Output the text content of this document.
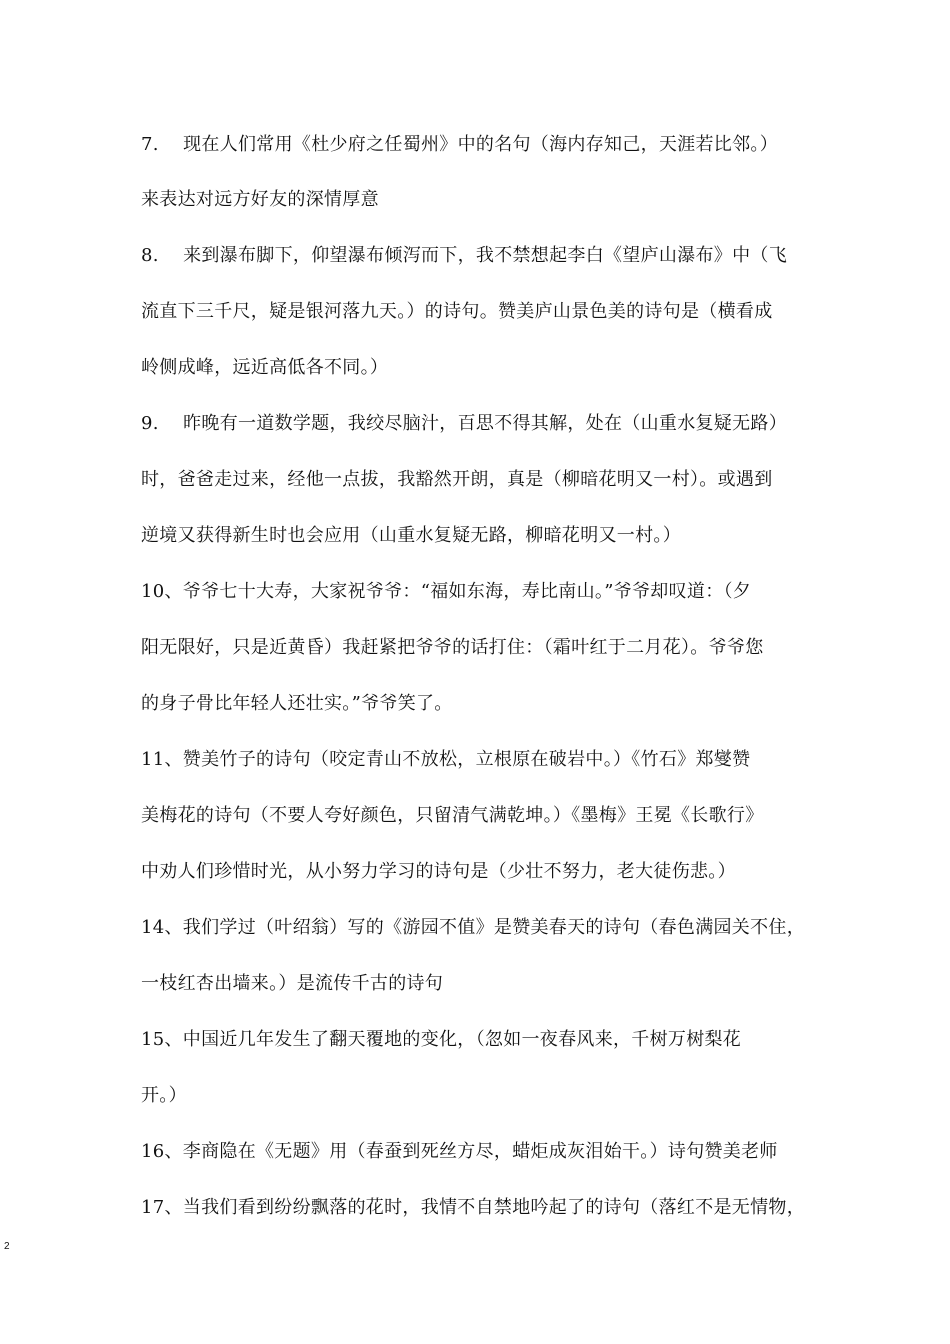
7.　 现在人们常用《杜少府之任蜀州》中的名句（海内存知己，天涯若比邻。）
来表达对远方好友的深情厚意
8.　 来到瀑布脚下，仰望瀑布倾泻而下，我不禁想起李白《望庐山瀑布》中（飞
流直下三千尺，疑是银河落九天。）的诗句。赞美庐山景色美的诗句是（横看成
岭侧成峰，远近高低各不同。）
9.　 昨晚有一道数学题，我绞尽脑汁，百思不得其解，处在（山重水复疑无路）
时，爸爸走过来，经他一点拔，我豁然开朗，真是（柳暗花明又一村）。或遇到
逆境又获得新生时也会应用（山重水复疑无路，柳暗花明又一村。）
10、爷爷七十大寿，大家祝爷爷：“福如东海，寿比南山。”爷爷却叹道：（夕
阳无限好，只是近黄昏）我赶紧把爷爷的话打住：（霜叶红于二月花）。爷爷您
的身子骨比年轻人还壮实。”爷爷笑了。
11、赞美竹子的诗句（咬定青山不放松，立根原在破岩中。）《竹石》郑燮赞
美梅花的诗句（不要人夸好颜色，只留清气满乾坤。）《墨梅》王冕《长歌行》
中劝人们珍惜时光，从小努力学习的诗句是（少壮不努力，老大徒伤悲。）
14、我们学过（叶绍翁）写的《游园不值》是赞美春天的诗句（春色满园关不住，
一枝红杏出墙来。）是流传千古的诗句
15、中国近几年发生了翻天覆地的变化，（忽如一夜春风来，千树万树梨花
开。）
16、李商隐在《无题》用（春蚕到死丝方尽，蜡炬成灰泪始干。）诗句赞美老师
17、当我们看到纷纷飘落的花时，我情不自禁地吟起了的诗句（落红不是无情物，
2
